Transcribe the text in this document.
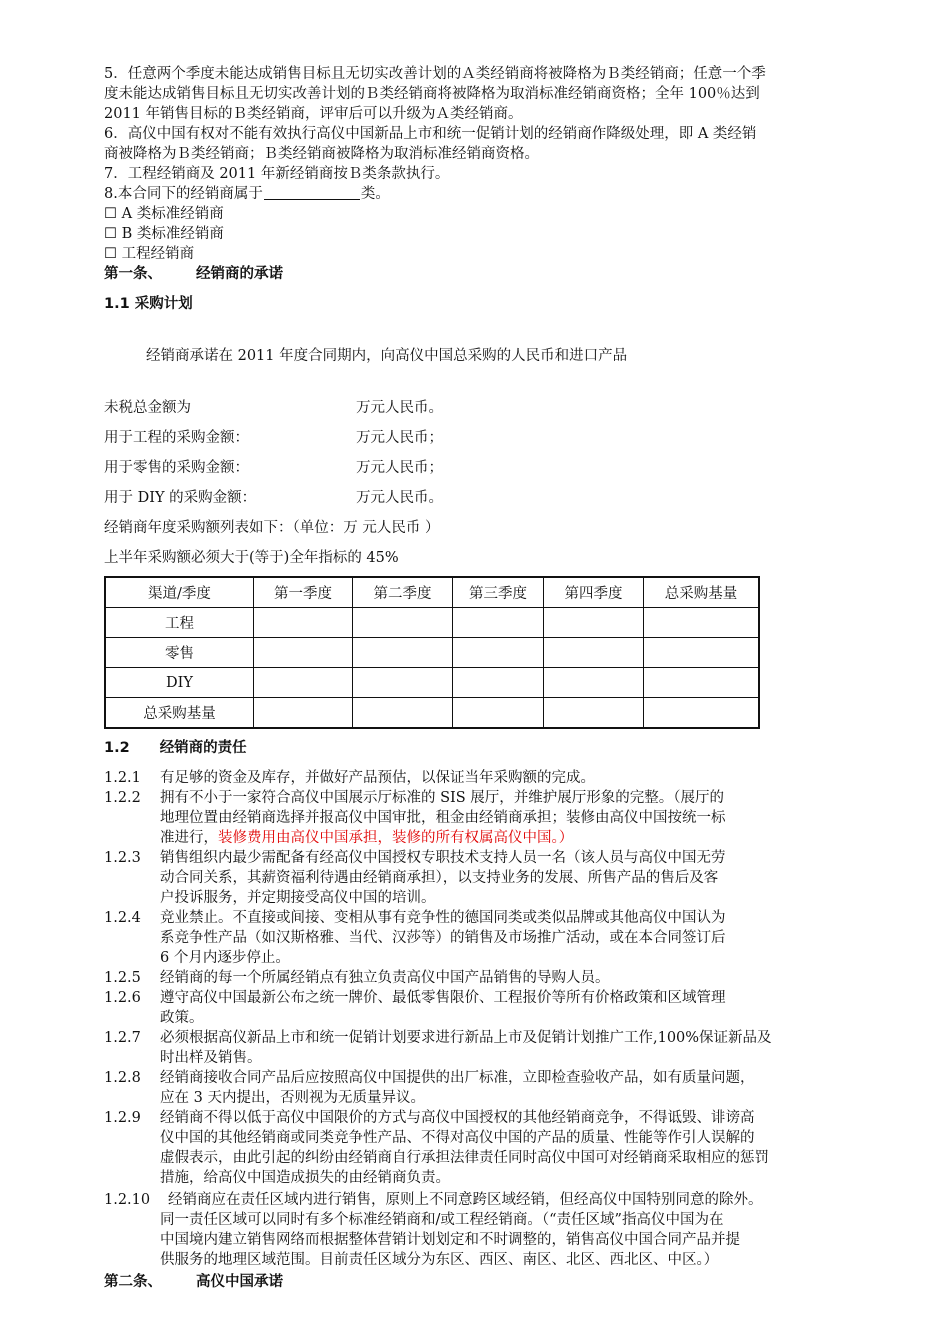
5．任意两个季度未能达成销售目标且无切实改善计划的Ａ类经销商将被降格为Ｂ类经销商；任意一个季
度未能达成销售目标且无切实改善计划的Ｂ类经销商将被降格为取消标准经销商资格；全年 100％达到
2011 年销售目标的Ｂ类经销商，评审后可以升级为Ａ类经销商。
6．高仪中国有权对不能有效执行高仪中国新品上市和统一促销计划的经销商作降级处理，即 A 类经销
商被降格为Ｂ类经销商；Ｂ类经销商被降格为取消标准经销商资格。
7．工程经销商及 2011 年新经销商按Ｂ类条款执行。
8.本合同下的经销商属于	类。
☐ A 类标准经销商
☐ B 类标准经销商
☐ 工程经销商
第一条、 经销商的承诺
1.1 采购计划
经销商承诺在 2011 年度合同期内，向高仪中国总采购的人民币和进口产品
未税总金额为	万元人民币。
用于工程的采购金额：	万元人民币；
用于零售的采购金额：	万元人民币；
用于 DIY 的采购金额：	万元人民币。
经销商年度采购额列表如下：（单位：万 元人民币 ）
上半年采购额必须大于(等于)全年指标的 45%
渠道/季度	第一季度	第二季度	第三季度	第四季度	总采购基量
工程					
零售					
DIY					
总采购基量					
1.2 经销商的责任
1.2.1 有足够的资金及库存，并做好产品预估，以保证当年采购额的完成。
1.2.2 拥有不小于一家符合高仪中国展示厅标准的 SIS 展厅，并维护展厅形象的完整。（展厅的
地理位置由经销商选择并报高仪中国审批，租金由经销商承担；装修由高仪中国按统一标
准进行，装修费用由高仪中国承担，装修的所有权属高仪中国。）
1.2.3 销售组织内最少需配备有经高仪中国授权专职技术支持人员一名（该人员与高仪中国无劳
动合同关系，其薪资福利待遇由经销商承担），以支持业务的发展、所售产品的售后及客
户投诉服务，并定期接受高仪中国的培训。
1.2.4 竞业禁止。不直接或间接、变相从事有竞争性的德国同类或类似品牌或其他高仪中国认为
系竞争性产品（如汉斯格雅、当代、汉莎等）的销售及市场推广活动，或在本合同签订后
6 个月内逐步停止。
1.2.5 经销商的每一个所属经销点有独立负责高仪中国产品销售的导购人员。
1.2.6 遵守高仪中国最新公布之统一牌价、最低零售限价、工程报价等所有价格政策和区域管理
政策。
1.2.7 必须根据高仪新品上市和统一促销计划要求进行新品上市及促销计划推广工作,100%保证新品及
时出样及销售。
1.2.8 经销商接收合同产品后应按照高仪中国提供的出厂标准，立即检查验收产品，如有质量问题，
应在 3 天内提出，否则视为无质量异议。
1.2.9 经销商不得以低于高仪中国限价的方式与高仪中国授权的其他经销商竞争，不得诋毁、诽谤高
仪中国的其他经销商或同类竞争性产品、不得对高仪中国的产品的质量、性能等作引人误解的
虚假表示，由此引起的纠纷由经销商自行承担法律责任同时高仪中国可对经销商采取相应的惩罚
措施，给高仪中国造成损失的由经销商负责。
1.2.10 经销商应在责任区域内进行销售，原则上不同意跨区域经销，但经高仪中国特别同意的除外。
同一责任区域可以同时有多个标准经销商和/或工程经销商。（“责任区域”指高仪中国为在
中国境内建立销售网络而根据整体营销计划划定和不时调整的，销售高仪中国合同产品并提
供服务的地理区域范围。目前责任区域分为东区、西区、南区、北区、西北区、中区。）
第二条、 高仪中国承诺
